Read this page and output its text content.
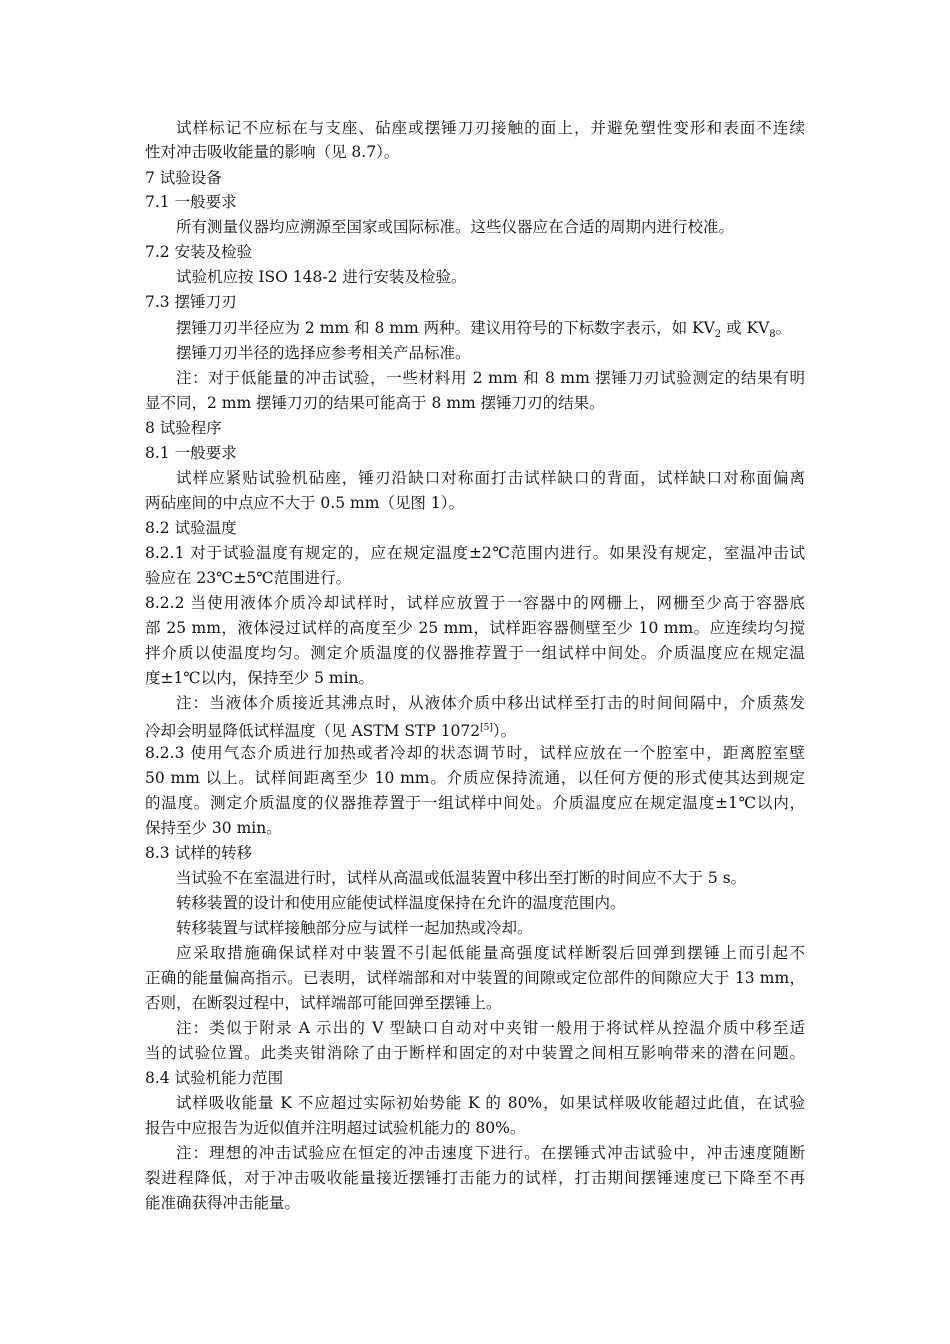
试样标记不应标在与支座、砧座或摆锤刀刃接触的面上，并避免塑性变形和表面不连续
性对冲击吸收能量的影响（见 8.7）。
7 试验设备
7.1 一般要求
所有测量仪器均应溯源至国家或国际标准。这些仪器应在合适的周期内进行校准。
7.2 安装及检验
试验机应按 ISO 148-2 进行安装及检验。
7.3 摆锤刀刃
摆锤刀刃半径应为 2 mm 和 8 mm 两种。建议用符号的下标数字表示，如 $KV_2$ 或 $KV_8$。
摆锤刀刃半径的选择应参考相关产品标准。
注：对于低能量的冲击试验，一些材料用 2 mm 和 8 mm 摆锤刀刃试验测定的结果有明
显不同，2 mm 摆锤刀刃的结果可能高于 8 mm 摆锤刀刃的结果。
8 试验程序
8.1 一般要求
试样应紧贴试验机砧座，锤刃沿缺口对称面打击试样缺口的背面，试样缺口对称面偏离
两砧座间的中点应不大于 0.5 mm（见图 1）。
8.2 试验温度
8.2.1 对于试验温度有规定的，应在规定温度±2℃范围内进行。如果没有规定，室温冲击试
验应在 23℃±5℃范围进行。
8.2.2 当使用液体介质冷却试样时，试样应放置于一容器中的网栅上，网栅至少高于容器底
部 25 mm，液体浸过试样的高度至少 25 mm，试样距容器侧壁至少 10 mm。应连续均匀搅
拌介质以使温度均匀。测定介质温度的仪器推荐置于一组试样中间处。介质温度应在规定温
度±1℃以内，保持至少 5 min。
注：当液体介质接近其沸点时，从液体介质中移出试样至打击的时间间隔中，介质蒸发
冷却会明显降低试样温度（见 ASTM STP 1072[5]）。
8.2.3 使用气态介质进行加热或者冷却的状态调节时，试样应放在一个腔室中，距离腔室壁
50 mm 以上。试样间距离至少 10 mm。介质应保持流通，以任何方便的形式使其达到规定
的温度。测定介质温度的仪器推荐置于一组试样中间处。介质温度应在规定温度±1℃以内，
保持至少 30 min。
8.3 试样的转移
当试验不在室温进行时，试样从高温或低温装置中移出至打断的时间应不大于 5 s。
转移装置的设计和使用应能使试样温度保持在允许的温度范围内。
转移装置与试样接触部分应与试样一起加热或冷却。
应采取措施确保试样对中装置不引起低能量高强度试样断裂后回弹到摆锤上而引起不
正确的能量偏高指示。已表明，试样端部和对中装置的间隙或定位部件的间隙应大于 13 mm，
否则，在断裂过程中，试样端部可能回弹至摆锤上。
注：类似于附录 A 示出的 V 型缺口自动对中夹钳一般用于将试样从控温介质中移至适
当的试验位置。此类夹钳消除了由于断样和固定的对中装置之间相互影响带来的潜在问题。
8.4 试验机能力范围
试样吸收能量 K 不应超过实际初始势能 K 的 80%，如果试样吸收能超过此值，在试验
报告中应报告为近似值并注明超过试验机能力的 80%。
注：理想的冲击试验应在恒定的冲击速度下进行。在摆锤式冲击试验中，冲击速度随断
裂进程降低，对于冲击吸收能量接近摆锤打击能力的试样，打击期间摆锤速度已下降至不再
能准确获得冲击能量。
